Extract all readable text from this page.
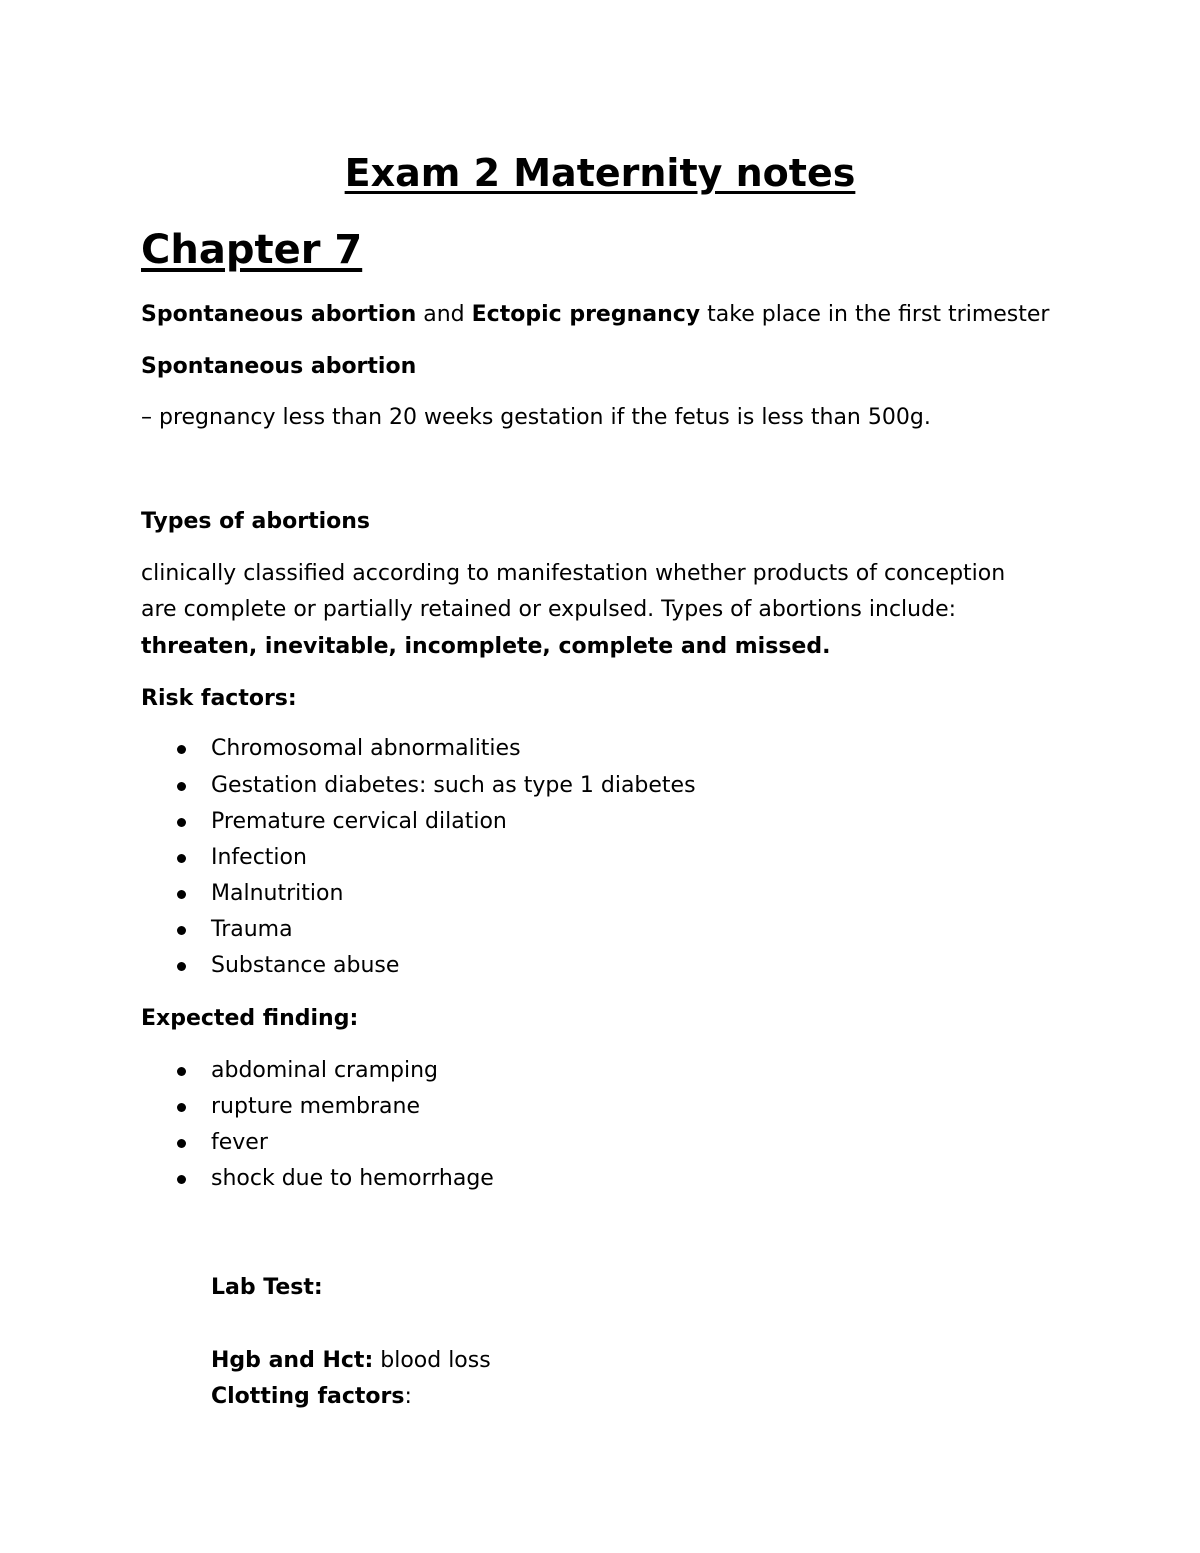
Exam 2 Maternity notes
Chapter 7
Spontaneous abortion and Ectopic pregnancy take place in the first trimester
Spontaneous abortion
– pregnancy less than 20 weeks gestation if the fetus is less than 500g.
Types of abortions
clinically classified according to manifestation whether products of conception
are complete or partially retained or expulsed. Types of abortions include:
threaten, inevitable, incomplete, complete and missed.
Risk factors:
Chromosomal abnormalities
Gestation diabetes: such as type 1 diabetes
Premature cervical dilation
Infection
Malnutrition
Trauma
Substance abuse
Expected finding:
abdominal cramping
rupture membrane
fever
shock due to hemorrhage
Lab Test:
Hgb and Hct: blood loss
Clotting factors:
